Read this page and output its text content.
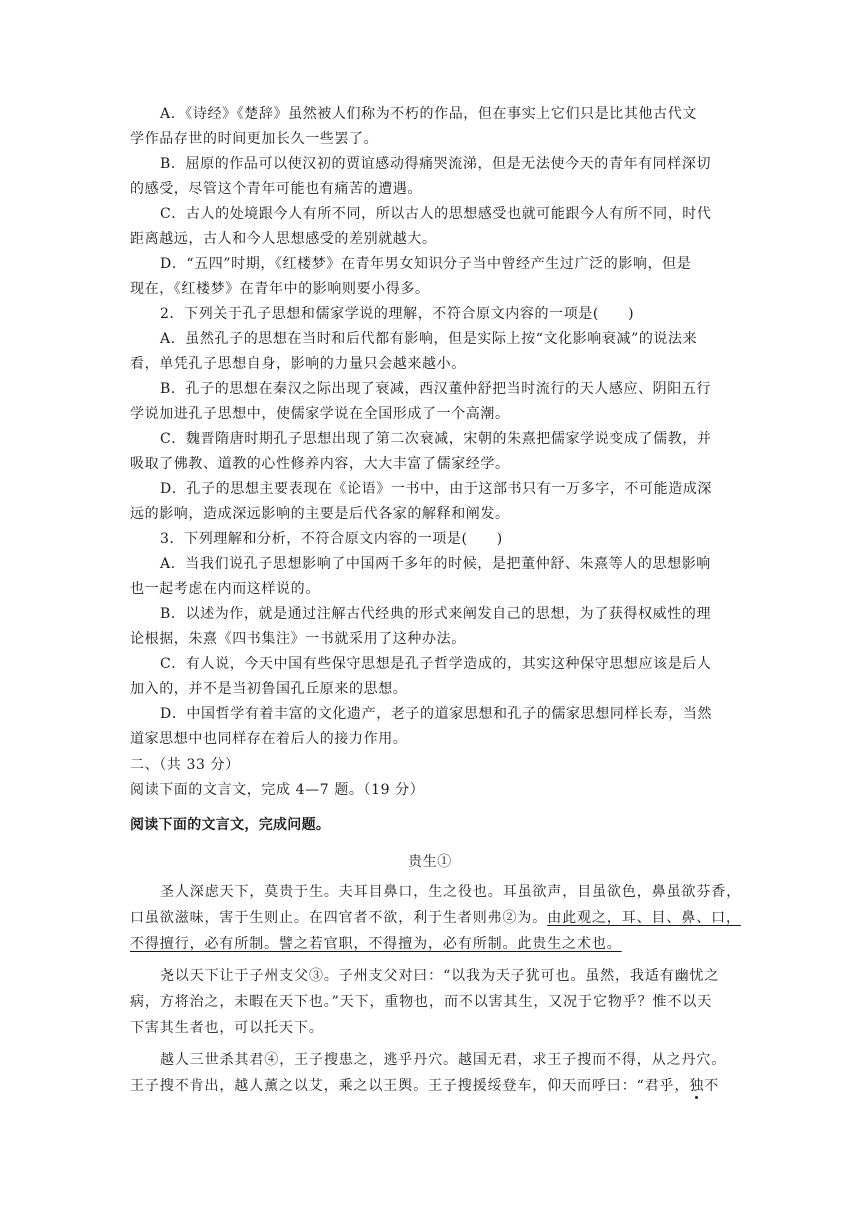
A．《诗经》《楚辞》虽然被人们称为不朽的作品，但在事实上它们只是比其他古代文
学作品存世的时间更加长久一些罢了。
B．屈原的作品可以使汉初的贾谊感动得痛哭流涕，但是无法使今天的青年有同样深切
的感受，尽管这个青年可能也有痛苦的遭遇。
C．古人的处境跟今人有所不同，所以古人的思想感受也就可能跟今人有所不同，时代
距离越远，古人和今人思想感受的差别就越大。
D．“五四”时期，《红楼梦》在青年男女知识分子当中曾经产生过广泛的影响，但是
现在，《红楼梦》在青年中的影响则要小得多。
2．下列关于孔子思想和儒家学说的理解，不符合原文内容的一项是(　　)
A．虽然孔子的思想在当时和后代都有影响，但是实际上按“文化影响衰减”的说法来
看，单凭孔子思想自身，影响的力量只会越来越小。
B．孔子的思想在秦汉之际出现了衰减，西汉董仲舒把当时流行的天人感应、阴阳五行
学说加进孔子思想中，使儒家学说在全国形成了一个高潮。
C．魏晋隋唐时期孔子思想出现了第二次衰减，宋朝的朱熹把儒家学说变成了儒教，并
吸取了佛教、道教的心性修养内容，大大丰富了儒家经学。
D．孔子的思想主要表现在《论语》一书中，由于这部书只有一万多字，不可能造成深
远的影响，造成深远影响的主要是后代各家的解释和阐发。
3．下列理解和分析，不符合原文内容的一项是(　　)
A．当我们说孔子思想影响了中国两千多年的时候，是把董仲舒、朱熹等人的思想影响
也一起考虑在内而这样说的。
B．以述为作，就是通过注解古代经典的形式来阐发自己的思想，为了获得权威性的理
论根据，朱熹《四书集注》一书就采用了这种办法。
C．有人说，今天中国有些保守思想是孔子哲学造成的，其实这种保守思想应该是后人
加入的，并不是当初鲁国孔丘原来的思想。
D．中国哲学有着丰富的文化遗产，老子的道家思想和孔子的儒家思想同样长寿，当然
道家思想中也同样存在着后人的接力作用。
二、（共 33 分）
阅读下面的文言文，完成 4—7 题。（19 分）
阅读下面的文言文，完成问题。
贵生①
圣人深虑天下，莫贵于生。夫耳目鼻口，生之役也。耳虽欲声，目虽欲色，鼻虽欲芬香，
口虽欲滋味，害于生则止。在四官者不欲，利于生者则弗②为。由此观之，耳、目、鼻、口，
不得擅行，必有所制。譬之若官职，不得擅为，必有所制。此贵生之术也。
尧以天下让于子州支父③。子州支父对曰：“以我为天子犹可也。虽然，我适有幽忧之
病，方将治之，未暇在天下也。”天下，重物也，而不以害其生，又况于它物乎？惟不以天
下害其生者也，可以托天下。
越人三世杀其君④，王子搜患之，逃乎丹穴。越国无君，求王子搜而不得，从之丹穴。
王子搜不肯出，越人薰之以艾，乘之以王舆。王子搜援绥登车，仰天而呼曰：“君乎，独不
